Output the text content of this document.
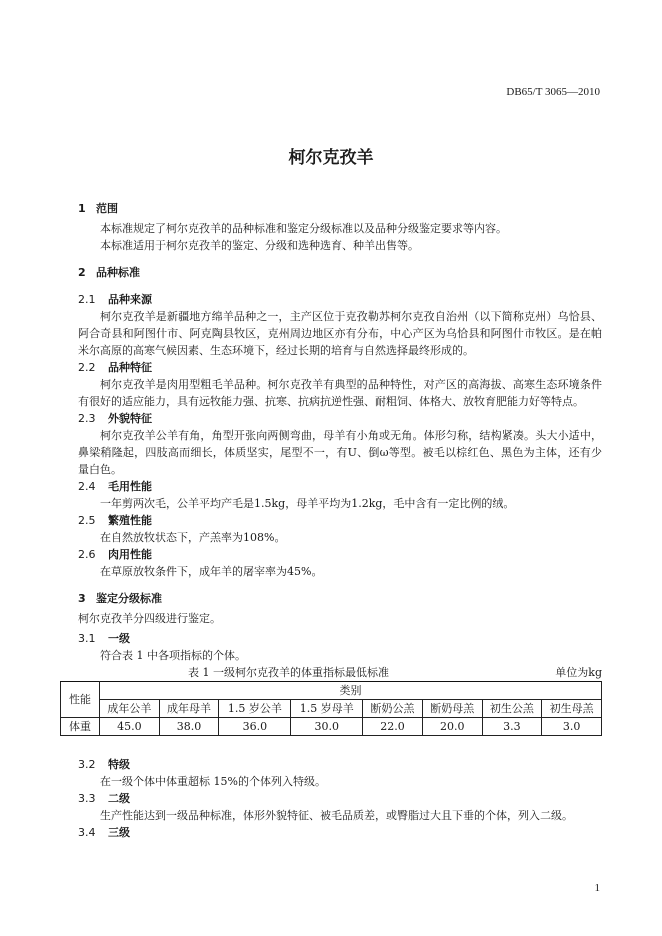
DB65/T 3065—2010
柯尔克孜羊
1 范围

本标准规定了柯尔克孜羊的品种标准和鉴定分级标准以及品种分级鉴定要求等内容。

本标准适用于柯尔克孜羊的鉴定、分级和选种选育、种羊出售等。

2 品种标准
2.1 品种来源

柯尔克孜羊是新疆地方绵羊品种之一，主产区位于克孜勒苏柯尔克孜自治州（以下简称克州）乌恰县、阿合奇县和阿图什市、阿克陶县牧区，克州周边地区亦有分布，中心产区为乌恰县和阿图什市牧区。是在帕米尔高原的高寒气候因素、生态环境下，经过长期的培育与自然选择最终形成的。

2.2 品种特征

柯尔克孜羊是肉用型粗毛羊品种。柯尔克孜羊有典型的品种特性，对产区的高海拔、高寒生态环境条件有很好的适应能力，具有远牧能力强、抗寒、抗病抗逆性强、耐粗饲、体格大、放牧育肥能力好等特点。

2.3 外貌特征

柯尔克孜羊公羊有角，角型开张向两侧弯曲，母羊有小角或无角。体形匀称，结构紧凑。头大小适中，鼻梁稍隆起，四肢高而细长，体质坚实，尾型不一，有U、倒ω等型。被毛以棕红色、黑色为主体，还有少量白色。

2.4 毛用性能

一年剪两次毛，公羊平均产毛是1.5kg，母羊平均为1.2kg，毛中含有一定比例的绒。

2.5 繁殖性能

在自然放牧状态下，产羔率为108%。

2.6 肉用性能

在草原放牧条件下，成年羊的屠宰率为45%。

3 鉴定分级标准

柯尔克孜羊分四级进行鉴定。

3.1 一级

符合表 1 中各项指标的个体。

表 1 一级柯尔克孜羊的体重指标最低标准	单位为kg
性能	类别							
	成年公羊	成年母羊	1.5 岁公羊	1.5 岁母羊	断奶公羔	断奶母羔	初生公羔	初生母羔
体重	45.0	38.0	36.0	30.0	22.0	20.0	3.3	3.0
3.2 特级

在一级个体中体重超标 15%的个体列入特级。

3.3 二级

生产性能达到一级品种标准，体形外貌特征、被毛品质差，或臀脂过大且下垂的个体，列入二级。

3.4 三级
1
